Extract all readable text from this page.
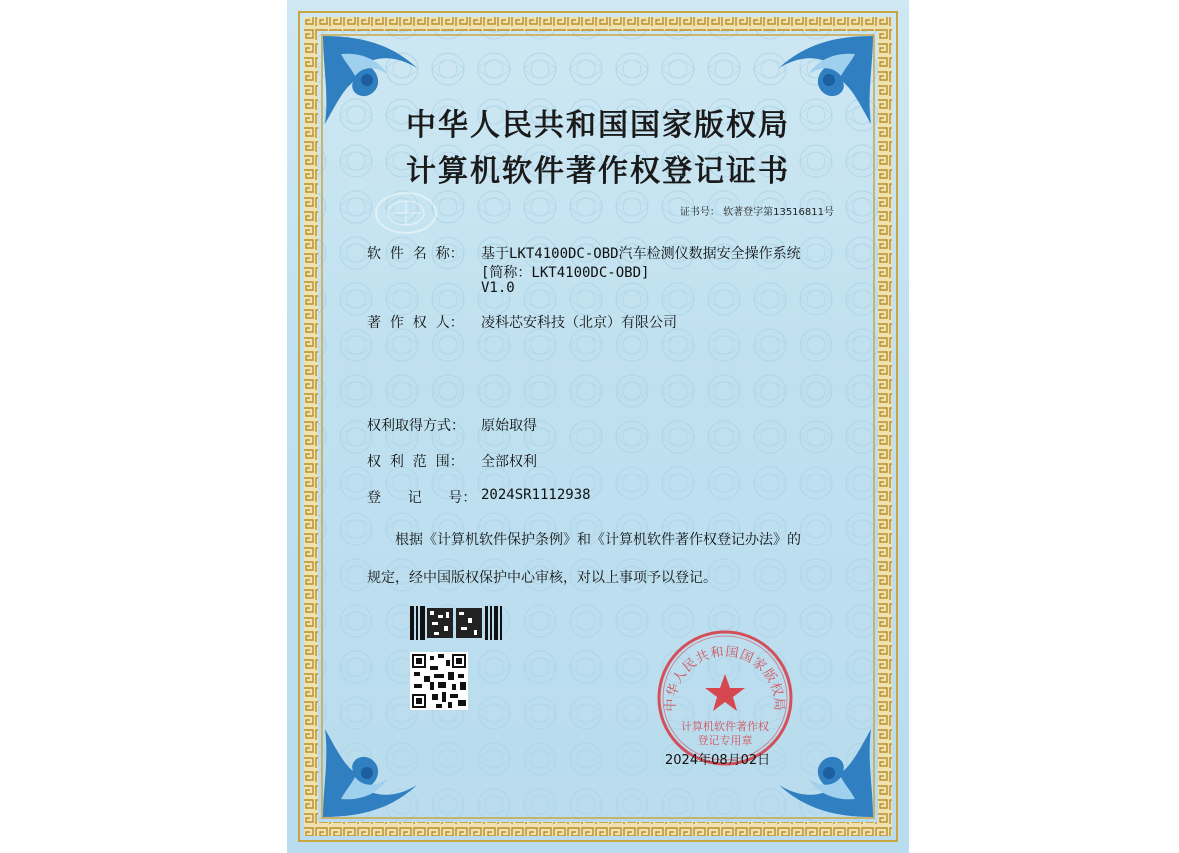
中华人民共和国国家版权局
计算机软件著作权登记证书
证书号： 软著登字第13516811号
软  件  名  称： 基于LKT4100DC-OBD汽车检测仪数据安全操作系统
[简称：LKT4100DC-OBD]
V1.0
著  作  权  人： 凌科芯安科技（北京）有限公司
权利取得方式： 原始取得
权  利  范  围： 全部权利
登      记      号： 2024SR1112938
根据《计算机软件保护条例》和《计算机软件著作权登记办法》的
规定，经中国版权保护中心审核，对以上事项予以登记。
中华人民共和国国家版权局
计算机软件著作权
登记专用章
2024年08月02日
